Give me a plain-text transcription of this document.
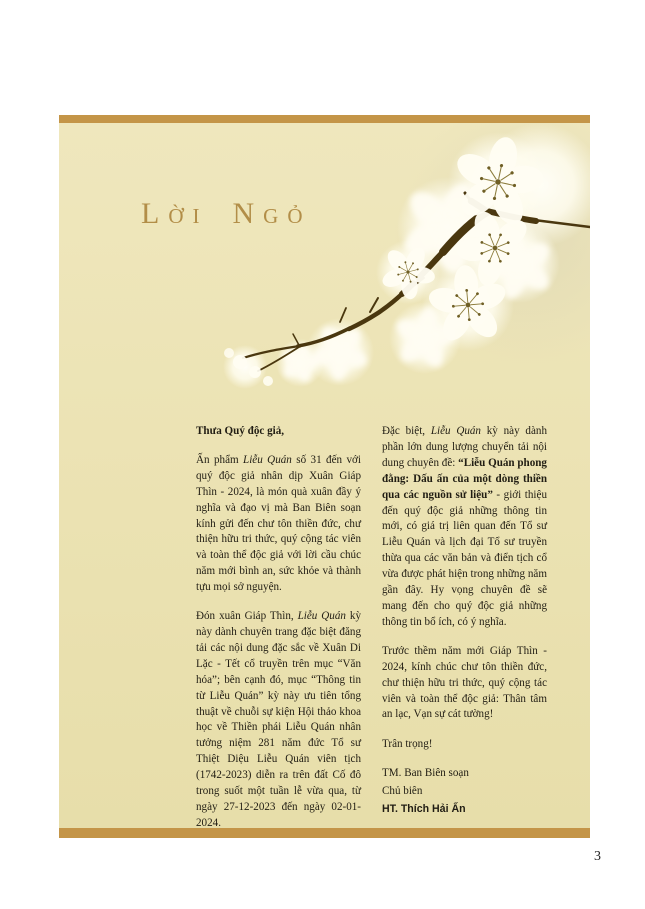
Lời Ngỏ

Thưa Quý độc giả,

Ấn phẩm Liễu Quán số 31 đến với quý độc giả nhân dịp Xuân Giáp Thìn - 2024, là món quà xuân đầy ý nghĩa và đạo vị mà Ban Biên soạn kính gửi đến chư tôn thiền đức, chư thiện hữu tri thức, quý cộng tác viên và toàn thể độc giả với lời cầu chúc năm mới bình an, sức khỏe và thành tựu mọi sở nguyện.

Đón xuân Giáp Thìn, Liễu Quán kỳ này dành chuyên trang đặc biệt đăng tải các nội dung đặc sắc về Xuân Di Lặc - Tết cổ truyền trên mục “Văn hóa”; bên cạnh đó, mục “Thông tin từ Liễu Quán” kỳ này ưu tiên tổng thuật về chuỗi sự kiện Hội thảo khoa học về Thiền phái Liễu Quán nhân tưởng niệm 281 năm đức Tổ sư Thiệt Diệu Liễu Quán viên tịch (1742-2023) diễn ra trên đất Cố đô trong suốt một tuần lễ vừa qua, từ ngày 27-12-2023 đến ngày 02-01-2024.

Đặc biệt, Liễu Quán kỳ này dành phần lớn dung lượng chuyển tải nội dung chuyên đề: “Liễu Quán phong đằng: Dấu ấn của một dòng thiền qua các nguồn sử liệu” - giới thiệu đến quý độc giả những thông tin mới, có giá trị liên quan đến Tổ sư Liễu Quán và lịch đại Tổ sư truyền thừa qua các văn bản và điển tịch cổ vừa được phát hiện trong những năm gần đây. Hy vọng chuyên đề sẽ mang đến cho quý độc giả những thông tin bổ ích, có ý nghĩa.

Trước thềm năm mới Giáp Thìn - 2024, kính chúc chư tôn thiền đức, chư thiện hữu tri thức, quý cộng tác viên và toàn thể độc giả: Thân tâm an lạc, Vạn sự cát tường!

Trân trọng!

TM. Ban Biên soạn

Chủ biên

HT. Thích Hải Ấn

3
